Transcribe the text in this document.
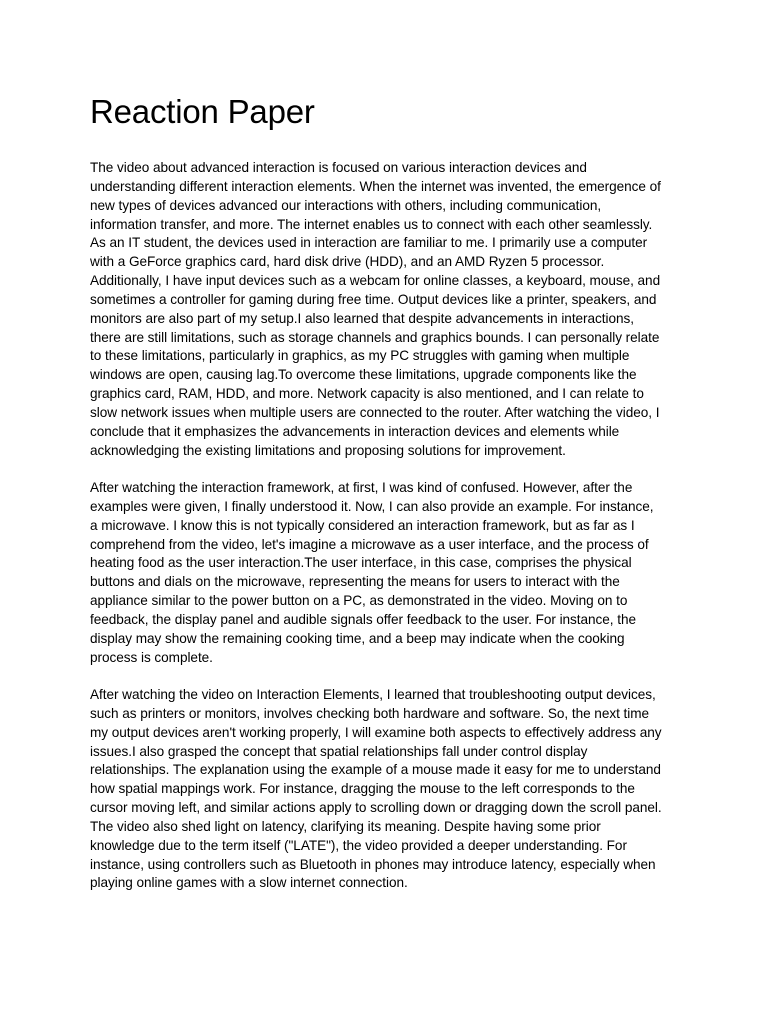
Reaction Paper

The video about advanced interaction is focused on various interaction devices and
understanding different interaction elements. When the internet was invented, the emergence of
new types of devices advanced our interactions with others, including communication,
information transfer, and more. The internet enables us to connect with each other seamlessly.
As an IT student, the devices used in interaction are familiar to me. I primarily use a computer
with a GeForce graphics card, hard disk drive (HDD), and an AMD Ryzen 5 processor.
Additionally, I have input devices such as a webcam for online classes, a keyboard, mouse, and
sometimes a controller for gaming during free time. Output devices like a printer, speakers, and
monitors are also part of my setup.I also learned that despite advancements in interactions,
there are still limitations, such as storage channels and graphics bounds. I can personally relate
to these limitations, particularly in graphics, as my PC struggles with gaming when multiple
windows are open, causing lag.To overcome these limitations, upgrade components like the
graphics card, RAM, HDD, and more. Network capacity is also mentioned, and I can relate to
slow network issues when multiple users are connected to the router. After watching the video, I
conclude that it emphasizes the advancements in interaction devices and elements while
acknowledging the existing limitations and proposing solutions for improvement.

After watching the interaction framework, at first, I was kind of confused. However, after the
examples were given, I finally understood it. Now, I can also provide an example. For instance,
a microwave. I know this is not typically considered an interaction framework, but as far as I
comprehend from the video, let's imagine a microwave as a user interface, and the process of
heating food as the user interaction.The user interface, in this case, comprises the physical
buttons and dials on the microwave, representing the means for users to interact with the
appliance similar to the power button on a PC, as demonstrated in the video. Moving on to
feedback, the display panel and audible signals offer feedback to the user. For instance, the
display may show the remaining cooking time, and a beep may indicate when the cooking
process is complete.

After watching the video on Interaction Elements, I learned that troubleshooting output devices,
such as printers or monitors, involves checking both hardware and software. So, the next time
my output devices aren't working properly, I will examine both aspects to effectively address any
issues.I also grasped the concept that spatial relationships fall under control display
relationships. The explanation using the example of a mouse made it easy for me to understand
how spatial mappings work. For instance, dragging the mouse to the left corresponds to the
cursor moving left, and similar actions apply to scrolling down or dragging down the scroll panel.
The video also shed light on latency, clarifying its meaning. Despite having some prior
knowledge due to the term itself ("LATE"), the video provided a deeper understanding. For
instance, using controllers such as Bluetooth in phones may introduce latency, especially when
playing online games with a slow internet connection.
